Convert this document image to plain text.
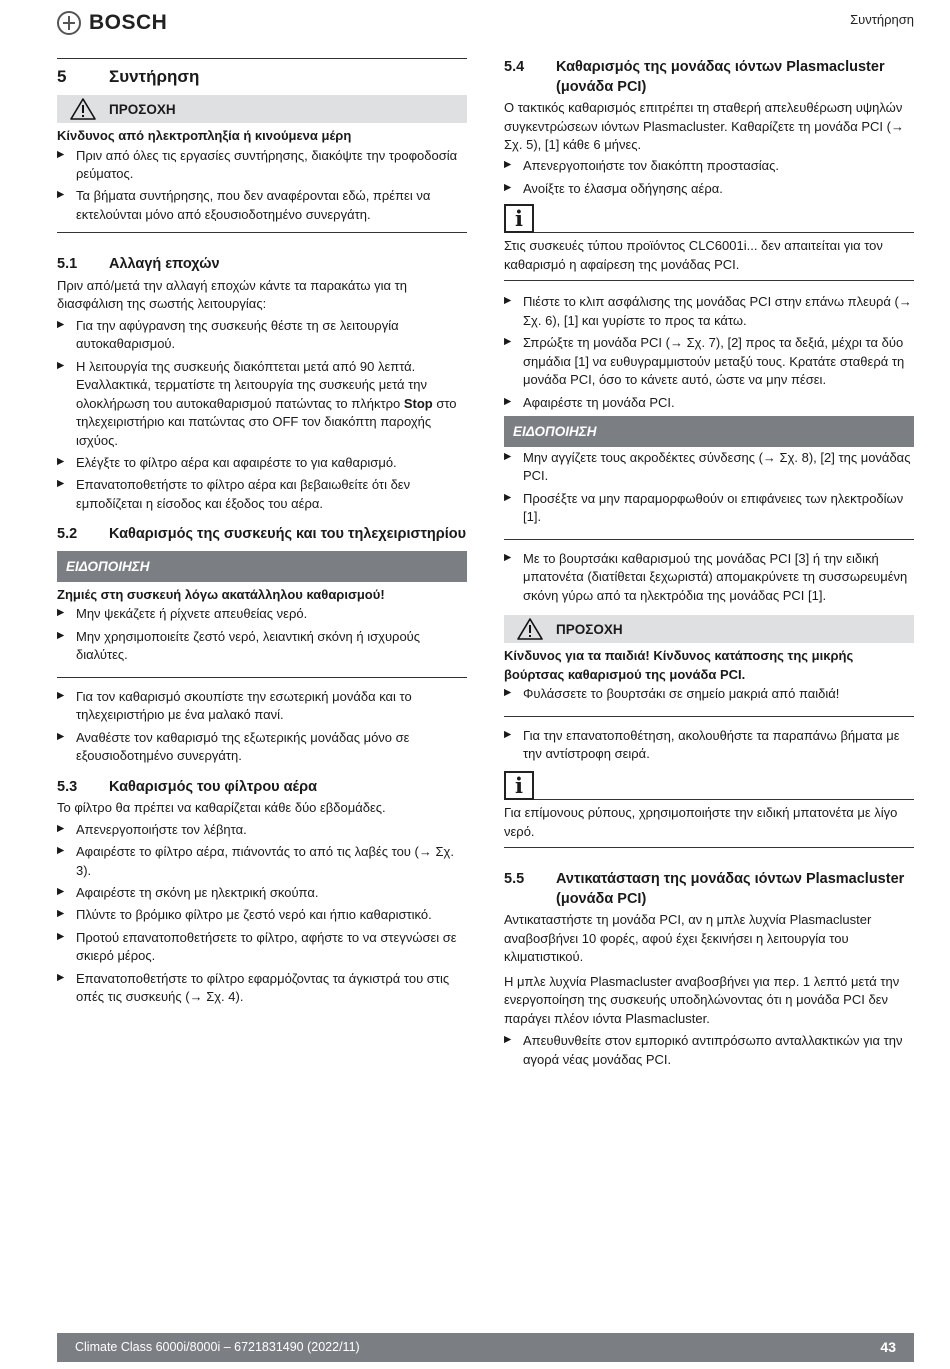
BOSCH	Συντήρηση
5	Συντήρηση
ΠΡΟΣΟΧΗ
Κίνδυνος από ηλεκτροπληξία ή κινούμενα μέρη
▶ Πριν από όλες τις εργασίες συντήρησης, διακόψτε την τροφοδοσία ρεύματος.
▶ Τα βήματα συντήρησης, που δεν αναφέρονται εδώ, πρέπει να εκτελούνται μόνο από εξουσιοδοτημένο συνεργάτη.
5.1	Αλλαγή εποχών

Πριν από/μετά την αλλαγή εποχών κάντε τα παρακάτω για τη διασφάλιση της σωστής λειτουργίας:

▶ Για την αφύγρανση της συσκευής θέστε τη σε λειτουργία αυτοκαθαρισμού.
▶ Η λειτουργία της συσκευής διακόπτεται μετά από 90 λεπτά. Εναλλακτικά, τερματίστε τη λειτουργία της συσκευής μετά την ολοκλήρωση του αυτοκαθαρισμού πατώντας το πλήκτρο Stop στο τηλεχειριστήριο και πατώντας στο OFF τον διακόπτη παροχής ισχύος.
▶ Ελέγξτε το φίλτρο αέρα και αφαιρέστε το για καθαρισμό.
▶ Επανατοποθετήστε το φίλτρο αέρα και βεβαιωθείτε ότι δεν εμποδίζεται η είσοδος και έξοδος του αέρα.
5.2	Καθαρισμός της συσκευής και του τηλεχειριστηρίου
ΕΙΔΟΠΟΙΗΣΗ
Ζημιές στη συσκευή λόγω ακατάλληλου καθαρισμού!
▶ Μην ψεκάζετε ή ρίχνετε απευθείας νερό.
▶ Μην χρησιμοποιείτε ζεστό νερό, λειαντική σκόνη ή ισχυρούς διαλύτες.
▶ Για τον καθαρισμό σκουπίστε την εσωτερική μονάδα και το τηλεχειριστήριο με ένα μαλακό πανί.
▶ Αναθέστε τον καθαρισμό της εξωτερικής μονάδας μόνο σε εξουσιοδοτημένο συνεργάτη.
5.3	Καθαρισμός του φίλτρου αέρα

Το φίλτρο θα πρέπει να καθαρίζεται κάθε δύο εβδομάδες.

▶ Απενεργοποιήστε τον λέβητα.
▶ Αφαιρέστε το φίλτρο αέρα, πιάνοντάς το από τις λαβές του (→ Σχ. 3).
▶ Αφαιρέστε τη σκόνη με ηλεκτρική σκούπα.
▶ Πλύντε το βρόμικο φίλτρο με ζεστό νερό και ήπιο καθαριστικό.
▶ Προτού επανατοποθετήσετε το φίλτρο, αφήστε το να στεγνώσει σε σκιερό μέρος.
▶ Επανατοποθετήστε το φίλτρο εφαρμόζοντας τα άγκιστρά του στις οπές τις συσκευής (→ Σχ. 4).
5.4	Καθαρισμός της μονάδας ιόντων Plasmacluster (μονάδα PCI)

Ο τακτικός καθαρισμός επιτρέπει τη σταθερή απελευθέρωση υψηλών συγκεντρώσεων ιόντων Plasmacluster. Καθαρίζετε τη μονάδα PCI (→ Σχ. 5), [1] κάθε 6 μήνες.

▶ Απενεργοποιήστε τον διακόπτη προστασίας.
▶ Ανοίξτε το έλασμα οδήγησης αέρα.
i
Στις συσκευές τύπου προϊόντος CLC6001i... δεν απαιτείται για τον καθαρισμό η αφαίρεση της μονάδας PCI.
▶ Πιέστε το κλιπ ασφάλισης της μονάδας PCI στην επάνω πλευρά (→ Σχ. 6), [1] και γυρίστε το προς τα κάτω.
▶ Σπρώξτε τη μονάδα PCI (→ Σχ. 7), [2] προς τα δεξιά, μέχρι τα δύο σημάδια [1] να ευθυγραμμιστούν μεταξύ τους. Κρατάτε σταθερά τη μονάδα PCI, όσο το κάνετε αυτό, ώστε να μην πέσει.
▶ Αφαιρέστε τη μονάδα PCI.
ΕΙΔΟΠΟΙΗΣΗ
▶ Μην αγγίζετε τους ακροδέκτες σύνδεσης (→ Σχ. 8), [2] της μονάδας PCI.
▶ Προσέξτε να μην παραμορφωθούν οι επιφάνειες των ηλεκτροδίων [1].
▶ Με το βουρτσάκι καθαρισμού της μονάδας PCI [3] ή την ειδική μπατονέτα (διατίθεται ξεχωριστά) απομακρύνετε τη συσσωρευμένη σκόνη γύρω από τα ηλεκτρόδια της μονάδας PCI [1].
ΠΡΟΣΟΧΗ
Κίνδυνος για τα παιδιά! Κίνδυνος κατάποσης της μικρής βούρτσας καθαρισμού της μονάδα PCI.
▶ Φυλάσσετε το βουρτσάκι σε σημείο μακριά από παιδιά!
▶ Για την επανατοποθέτηση, ακολουθήστε τα παραπάνω βήματα με την αντίστροφη σειρά.
i
Για επίμονους ρύπους, χρησιμοποιήστε την ειδική μπατονέτα με λίγο νερό.
5.5	Αντικατάσταση της μονάδας ιόντων Plasmacluster (μονάδα PCI)

Αντικαταστήστε τη μονάδα PCI, αν η μπλε λυχνία Plasmacluster αναβοσβήνει 10 φορές, αφού έχει ξεκινήσει η λειτουργία του κλιματιστικού.

Η μπλε λυχνία Plasmacluster αναβοσβήνει για περ. 1 λεπτό μετά την ενεργοποίηση της συσκευής υποδηλώνοντας ότι η μονάδα PCI δεν παράγει πλέον ιόντα Plasmacluster.

▶ Απευθυνθείτε στον εμπορικό αντιπρόσωπο ανταλλακτικών για την αγορά νέας μονάδας PCI.
Climate Class 6000i/8000i – 6721831490 (2022/11)	43
